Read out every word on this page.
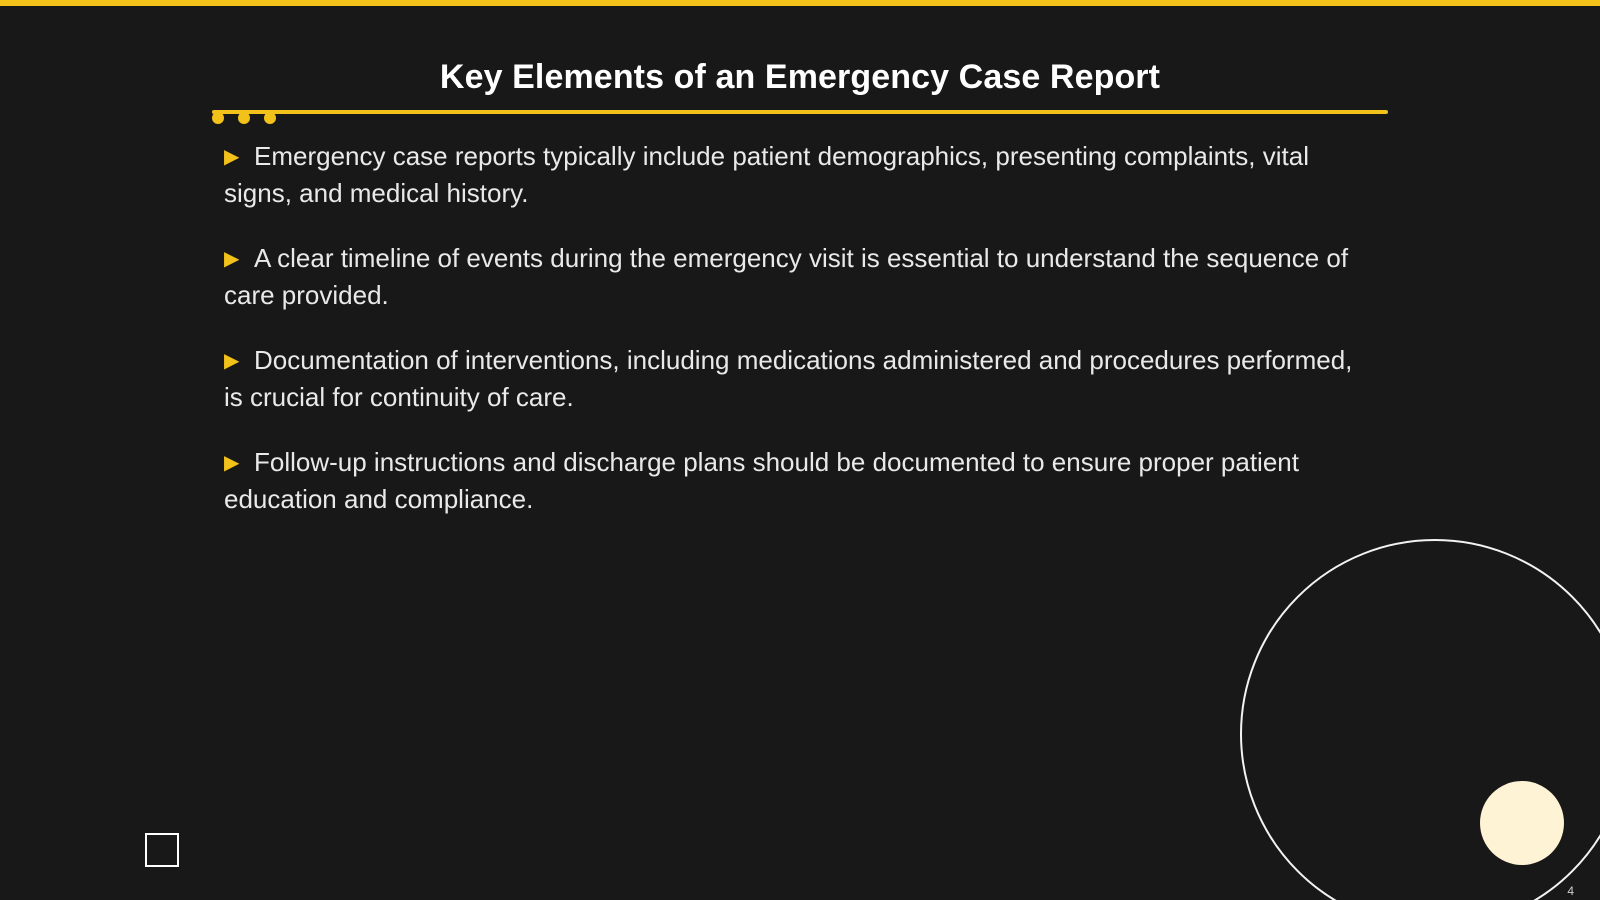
Key Elements of an Emergency Case Report
▶ Emergency case reports typically include patient demographics, presenting complaints, vital signs, and medical history.
▶ A clear timeline of events during the emergency visit is essential to understand the sequence of care provided.
▶ Documentation of interventions, including medications administered and procedures performed, is crucial for continuity of care.
▶ Follow-up instructions and discharge plans should be documented to ensure proper patient education and compliance.
4
